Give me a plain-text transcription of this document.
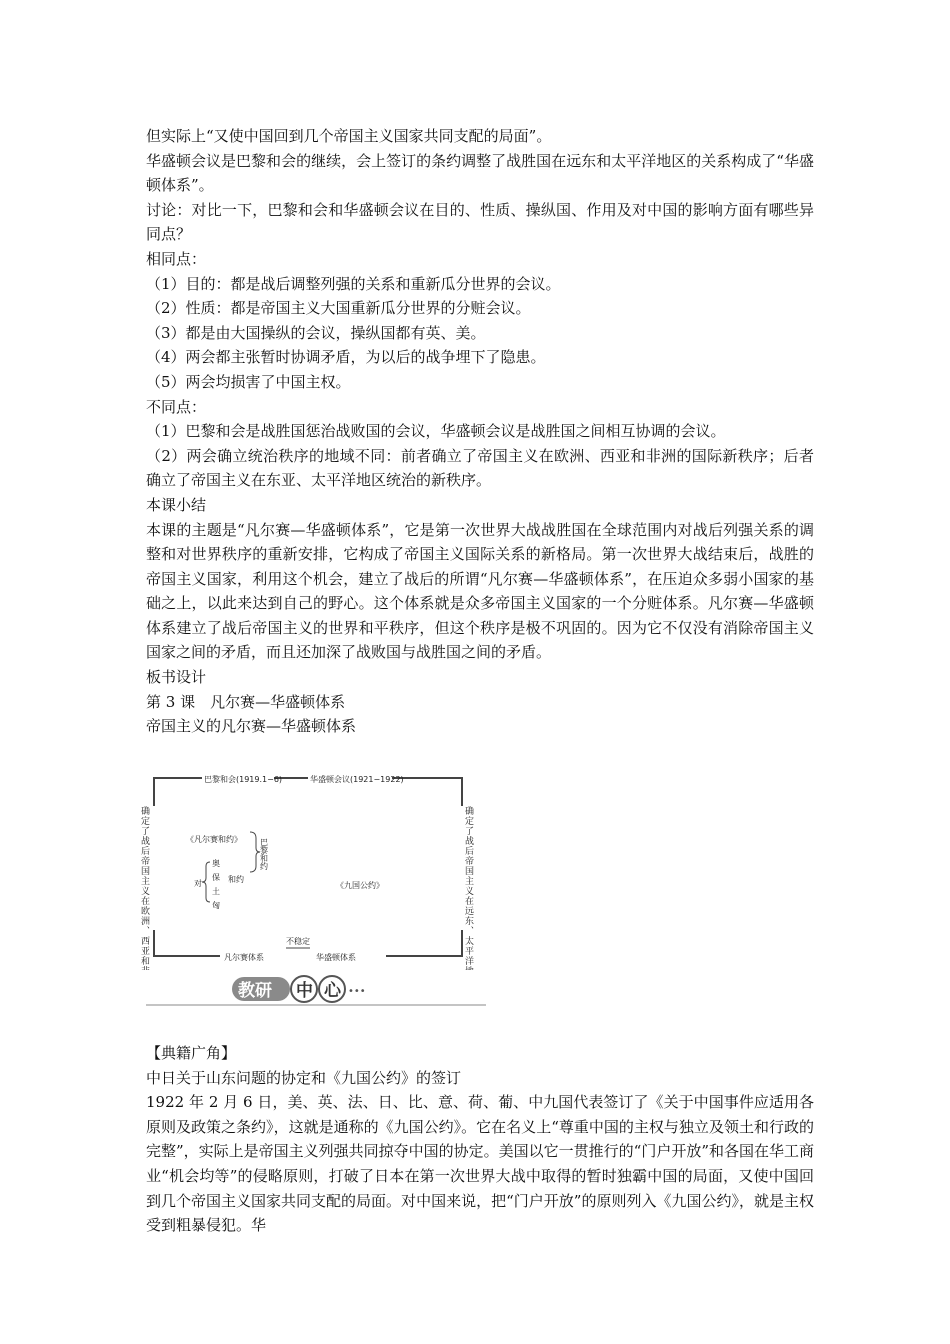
但实际上“又使中国回到几个帝国主义国家共同支配的局面”。

华盛顿会议是巴黎和会的继续，会上签订的条约调整了战胜国在远东和太平洋地区的关系构成了“华盛顿体系”。

讨论：对比一下，巴黎和会和华盛顿会议在目的、性质、操纵国、作用及对中国的影响方面有哪些异同点？

相同点：

（1）目的：都是战后调整列强的关系和重新瓜分世界的会议。

（2）性质：都是帝国主义大国重新瓜分世界的分赃会议。

（3）都是由大国操纵的会议，操纵国都有英、美。

（4）两会都主张暂时协调矛盾，为以后的战争埋下了隐患。

（5）两会均损害了中国主权。

不同点：

（1）巴黎和会是战胜国惩治战败国的会议，华盛顿会议是战胜国之间相互协调的会议。

（2）两会确立统治秩序的地域不同：前者确立了帝国主义在欧洲、西亚和非洲的国际新秩序；后者确立了帝国主义在东亚、太平洋地区统治的新秩序。

本课小结

本课的主题是“凡尔赛—华盛顿体系”，它是第一次世界大战战胜国在全球范围内对战后列强关系的调整和对世界秩序的重新安排，它构成了帝国主义国际关系的新格局。第一次世界大战结束后，战胜的帝国主义国家，利用这个机会，建立了战后的所谓“凡尔赛—华盛顿体系”，在压迫众多弱小国家的基础之上，以此来达到自己的野心。这个体系就是众多帝国主义国家的一个分赃体系。凡尔赛—华盛顿体系建立了战后帝国主义的世界和平秩序，但这个秩序是极不巩固的。因为它不仅没有消除帝国主义国家之间的矛盾，而且还加深了战败国与战胜国之间的矛盾。

板书设计

第 3 课　凡尔赛—华盛顿体系

帝国主义的凡尔赛—华盛顿体系

巴黎和会(1919.1−6)	华盛顿会议(1921−1922)
确定了战后帝国主义在欧洲、西亚和非洲的统治秩序	确定了战后帝国主义在远东、太平洋地区的统治秩序
《凡尔赛和约》 巴黎和约
对
奥
保
土
匈
和约
《九国公约》
凡尔赛体系
不稳定
华盛顿体系
教研 中 心 •••

【典籍广角】

中日关于山东问题的协定和《九国公约》的签订

1922 年 2 月 6 日，美、英、法、日、比、意、荷、葡、中九国代表签订了《关于中国事件应适用各原则及政策之条约》，这就是通称的《九国公约》。它在名义上“尊重中国的主权与独立及领土和行政的完整”，实际上是帝国主义列强共同掠夺中国的协定。美国以它一贯推行的“门户开放”和各国在华工商业“机会均等”的侵略原则，打破了日本在第一次世界大战中取得的暂时独霸中国的局面，又使中国回到几个帝国主义国家共同支配的局面。对中国来说，把“门户开放”的原则列入《九国公约》，就是主权受到粗暴侵犯。华
